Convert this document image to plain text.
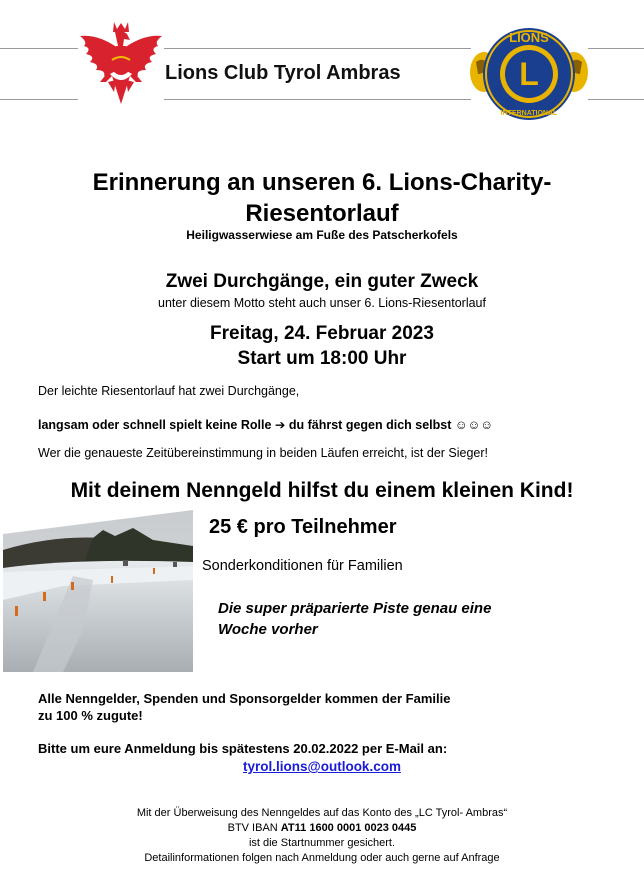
Lions Club Tyrol Ambras	L
LIONS
INTERNATIONAL
Erinnerung an unseren 6. Lions-Charity-
Riesentorlauf
Heiligwasserwiese am Fuße des Patscherkofels
Zwei Durchgänge, ein guter Zweck
unter diesem Motto steht auch unser 6. Lions-Riesentorlauf
Freitag, 24. Februar 2023
Start um 18:00 Uhr
Der leichte Riesentorlauf hat zwei Durchgänge,
langsam oder schnell spielt keine Rolle ➔ du fährst gegen dich selbst ☺☺☺
Wer die genaueste Zeitübereinstimmung in beiden Läufen erreicht, ist der Sieger!
Mit deinem Nenngeld hilfst du einem kleinen Kind!
25 € pro Teilnehmer
Sonderkonditionen für Familien
Die super präparierte Piste genau eine
Woche vorher
Alle Nenngelder, Spenden und Sponsorgelder kommen der Familie
zu 100 % zugute!
Bitte um eure Anmeldung bis spätestens 20.02.2022 per E-Mail an:
tyrol.lions@outlook.com
Mit der Überweisung des Nenngeldes auf das Konto des „LC Tyrol- Ambras“
BTV IBAN AT11 1600 0001 0023 0445
ist die Startnummer gesichert.
Detailinformationen folgen nach Anmeldung oder auch gerne auf Anfrage
